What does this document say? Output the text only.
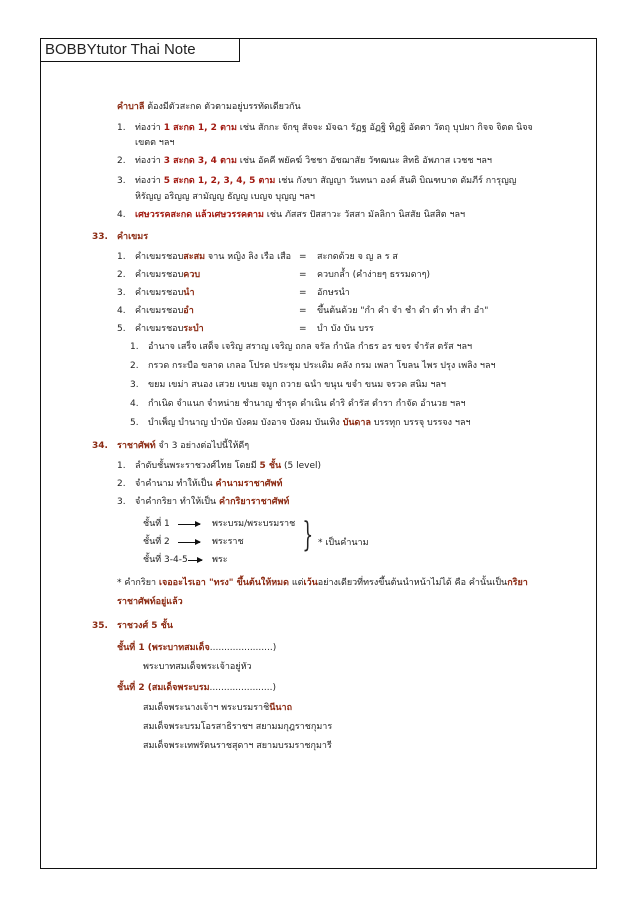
BOBBYtutor Thai Note
คำบาลี ต้องมีตัวสะกด ตัวตามอยู่บรรทัดเดียวกัน
1. ท่องว่า 1 สะกด 1, 2 ตาม เช่น สักกะ จักขุ สัจจะ มัจฉา รัฏฐ อัฏฐิ ทิฏฐิ อัตตา วัตถุ บุปผา กิจจ จิตต นิจจ
เขตต ฯลฯ
2. ท่องว่า 3 สะกด 3, 4 ตาม เช่น อัคคี พยัคฆ์ วิชชา อัชฌาสัย วัฑฒนะ สิทธิ อัพภาส เวชช ฯลฯ
3. ท่องว่า 5 สะกด 1, 2, 3, 4, 5 ตาม เช่น กังขา สัญญา วันทนา องค์ สันติ บิณฑบาต ดัมภีร์ การุญญ
หิรัญญ อริญญ สามัญญ ธัญญ เบญจ บุญญ ฯลฯ
4. เศษวรรคสะกด แล้วเศษวรรคตาม เช่น ภัสสร ปัสสาวะ วัสสา มัลลิกา นิสสัย นิสสิต ฯลฯ
33. คำเขมร
1. คำเขมรชอบสะสม จาน หญิง ลิง เรือ เสือ = สะกดด้วย จ ญ ล ร ส
2. คำเขมรชอบควบ	= ควบกล้ำ (คำง่ายๆ ธรรมดาๆ)
3. คำเขมรชอบนำ	= อักษรนำ
4. คำเขมรชอบอำ	= ขึ้นต้นด้วย "กำ คำ จำ ชำ ดำ ตำ ทำ สำ อำ"
5. คำเขมรชอบระบำ	= บำ บัง บัน บรร
1. อำนาจ เสร็จ เสด็จ เจริญ สราญ เจริญ ถกล จรัล กำนัล กำธร อร ขจร จำรัส ตรัส ฯลฯ
2. กรวด กระบือ ขลาด เกลอ โปรด ประชุม ประเดิม คลัง กรม เพลา โขลน ไพร ปรุง เพลิง ฯลฯ
3. ขยม เขม่า สนอง เสวย เขนย จมูก ถวาย ฉนำ ขนุน ขจำ ขนม จรวด สนิม ฯลฯ
4. กำเนิด จำแนก จำหน่าย ชำนาญ ชำรุด ดำเนิน ดำริ ดำรัส ตำรา กำจัด อำนวย ฯลฯ
5. บำเพ็ญ บำนาญ บำบัด บังคม บังอาจ บังคม บันเทิง บันดาล บรรทุก บรรจุ บรรจง ฯลฯ
34. ราชาศัพท์ จำ 3 อย่างต่อไปนี้ให้ดีๆ
1. ลำดับชั้นพระราชวงศ์ไทย โดยมี 5 ชั้น (5 level)
2. จำคำนาม ทำให้เป็น คำนามราชาศัพท์
3. จำคำกริยา ทำให้เป็น คำกริยาราชาศัพท์
ชั้นที่ 1	พระบรม/พระบรมราช
ชั้นที่ 2	พระราช
ชั้นที่ 3-4-5	พระ
} * เป็นคำนาม
* คำกริยา เจออะไรเอา "ทรง" ขึ้นต้นให้หมด แต่เว้นอย่างเดียวที่ทรงขึ้นต้นนำหน้าไม่ได้ คือ คำนั้นเป็นกริยา
ราชาศัพท์อยู่แล้ว
35. ราชวงศ์ 5 ชั้น
ชั้นที่ 1 (พระบาทสมเด็จ......................)
พระบาทสมเด็จพระเจ้าอยู่หัว
ชั้นที่ 2 (สมเด็จพระบรม......................)
สมเด็จพระนางเจ้าฯ พระบรมราชินีนาถ
สมเด็จพระบรมโอรสาธิราชฯ สยามมกุฎราชกุมาร
สมเด็จพระเทพรัตนราชสุดาฯ สยามบรมราชกุมารี
